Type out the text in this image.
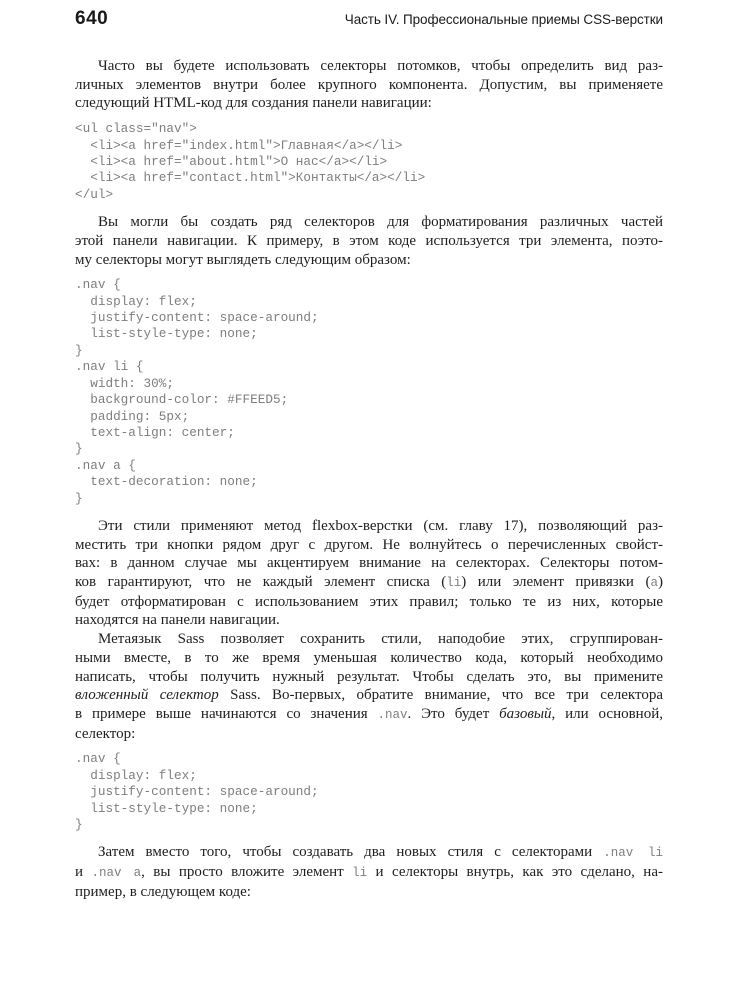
640	Часть IV. Профессиональные приемы CSS-верстки
Часто вы будете использовать селекторы потомков, чтобы определить вид раз-
личных элементов внутри более крупного компонента. Допустим, вы применяете
следующий HTML-код для создания панели навигации:
<ul class="nav">
<li><a href="index.html">Главная</a></li>
<li><a href="about.html">О нас</a></li>
<li><a href="contact.html">Контакты</a></li>
</ul>
Вы могли бы создать ряд селекторов для форматирования различных частей
этой панели навигации. К примеру, в этом коде используется три элемента, поэто-
му селекторы могут выглядеть следующим образом:
.nav {
display: flex;
justify-content: space-around;
list-style-type: none;
}
.nav li {
width: 30%;
background-color: #FFEED5;
padding: 5px;
text-align: center;
}
.nav a {
text-decoration: none;
}
Эти стили применяют метод flexbox-верстки (см. главу 17), позволяющий раз-
местить три кнопки рядом друг с другом. Не волнуйтесь о перечисленных свойст-
вах: в данном случае мы акцентируем внимание на селекторах. Селекторы потом-
ков гарантируют, что не каждый элемент списка (li) или элемент привязки (a)
будет отформатирован с использованием этих правил; только те из них, которые
находятся на панели навигации.
Метаязык Sass позволяет сохранить стили, наподобие этих, сгруппирован-
ными вместе, в то же время уменьшая количество кода, который необходимо
написать, чтобы получить нужный результат. Чтобы сделать это, вы примените
вложенный селектор Sass. Во-первых, обратите внимание, что все три селектора
в примере выше начинаются со значения .nav. Это будет базовый, или основной,
селектор:
.nav {
display: flex;
justify-content: space-around;
list-style-type: none;
}
Затем вместо того, чтобы создавать два новых стиля с селекторами .nav li
и .nav a, вы просто вложите элемент li и селекторы внутрь, как это сделано, на-
пример, в следующем коде:
